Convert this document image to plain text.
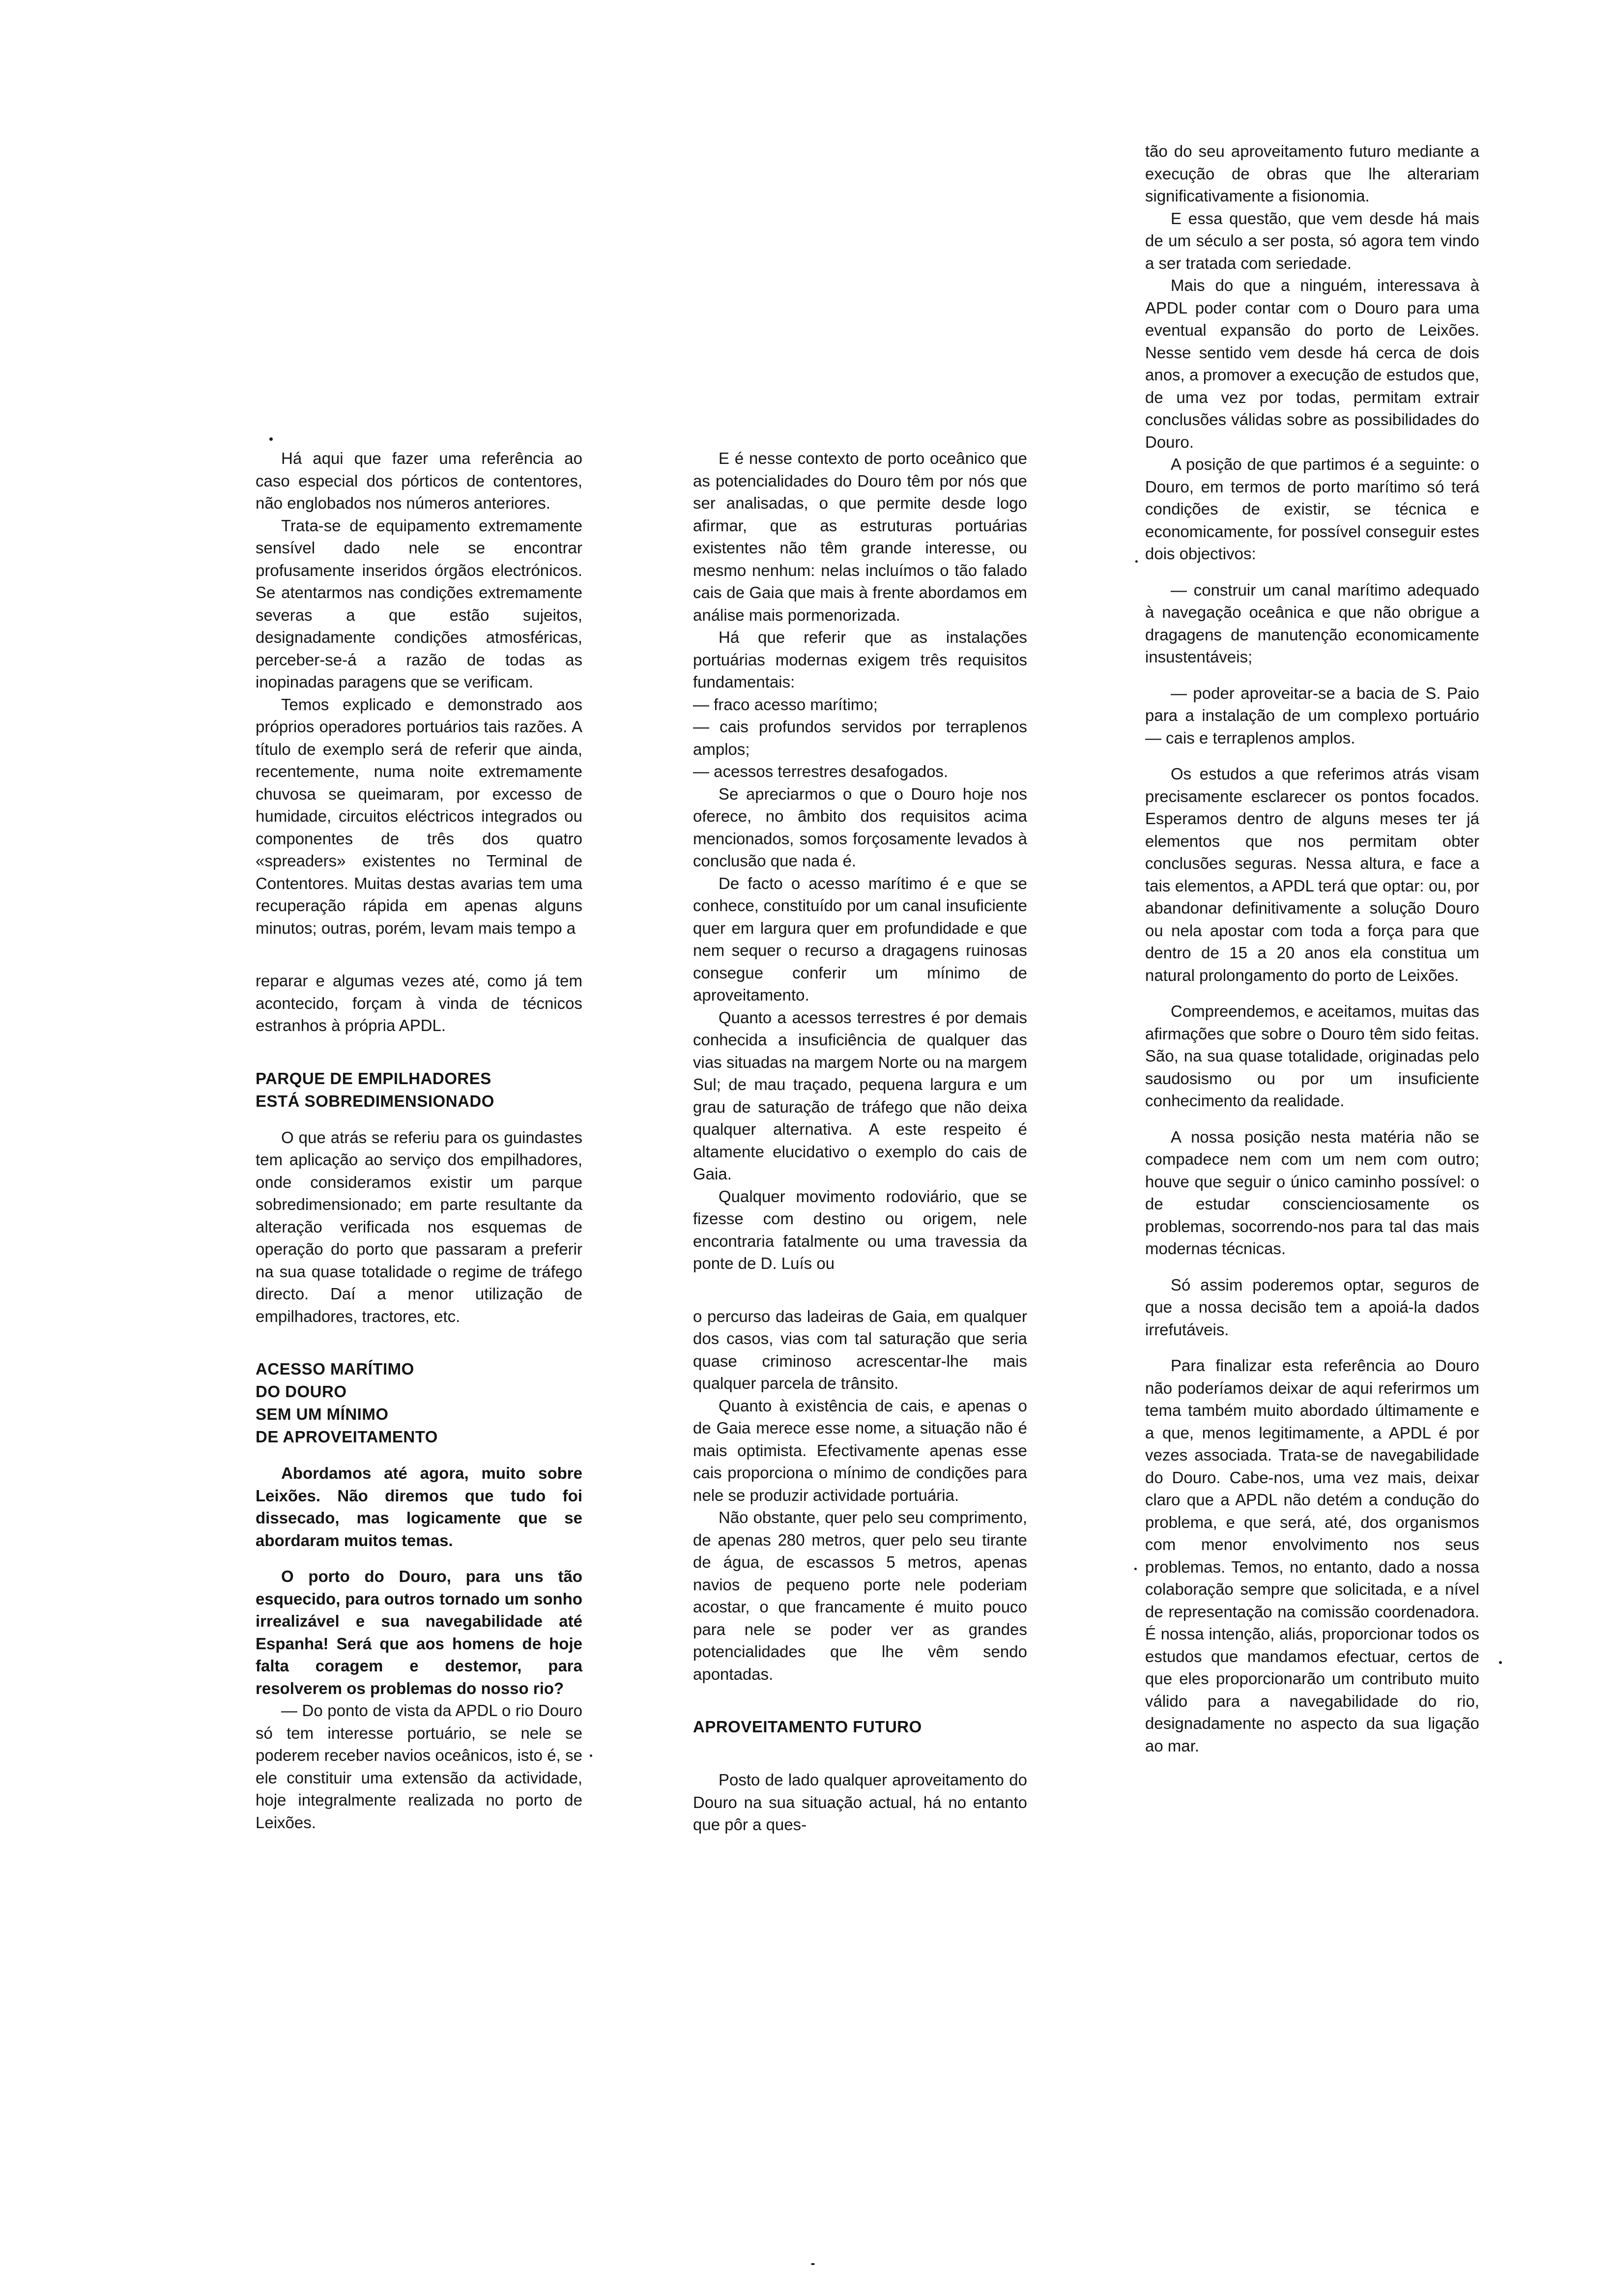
Há aqui que fazer uma referência ao caso especial dos pórticos de contentores, não englobados nos números anteriores.

Trata-se de equipamento extremamente sensível dado nele se encontrar profusamente inseridos órgãos electrónicos. Se atentarmos nas condições extremamente severas a que estão sujeitos, designadamente condições atmosféricas, perceber-se-á a razão de todas as inopinadas paragens que se verificam.

Temos explicado e demonstrado aos próprios operadores portuários tais razões. A título de exemplo será de referir que ainda, recentemente, numa noite extremamente chuvosa se queimaram, por excesso de humidade, circuitos eléctricos integrados ou componentes de três dos quatro «spreaders» existentes no Terminal de Contentores. Muitas destas avarias tem uma recuperação rápida em apenas alguns minutos; outras, porém, levam mais tempo a

reparar e algumas vezes até, como já tem acontecido, forçam à vinda de técnicos estranhos à própria APDL.

PARQUE DE EMPILHADORES
ESTÁ SOBREDIMENSIONADO

O que atrás se referiu para os guindastes tem aplicação ao serviço dos empilhadores, onde consideramos existir um parque sobredimensionado; em parte resultante da alteração verificada nos esquemas de operação do porto que passaram a preferir na sua quase totalidade o regime de tráfego directo. Daí a menor utilização de empilhadores, tractores, etc.

ACESSO MARÍTIMO
DO DOURO
SEM UM MÍNIMO
DE APROVEITAMENTO

Abordamos até agora, muito sobre Leixões. Não diremos que tudo foi dissecado, mas logicamente que se abordaram muitos temas.

O porto do Douro, para uns tão esquecido, para outros tornado um sonho irrealizável e sua navegabilidade até Espanha! Será que aos homens de hoje falta coragem e destemor, para resolverem os problemas do nosso rio?

— Do ponto de vista da APDL o rio Douro só tem interesse portuário, se nele se poderem receber navios oceânicos, isto é, se ele constituir uma extensão da actividade, hoje integralmente realizada no porto de Leixões.

E é nesse contexto de porto oceânico que as potencialidades do Douro têm por nós que ser analisadas, o que permite desde logo afirmar, que as estruturas portuárias existentes não têm grande interesse, ou mesmo nenhum: nelas incluímos o tão falado cais de Gaia que mais à frente abordamos em análise mais pormenorizada.

Há que referir que as instalações portuárias modernas exigem três requisitos fundamentais:

— fraco acesso marítimo;

— cais profundos servidos por terraplenos amplos;

— acessos terrestres desafogados.

Se apreciarmos o que o Douro hoje nos oferece, no âmbito dos requisitos acima mencionados, somos forçosamente levados à conclusão que nada é.

De facto o acesso marítimo é e que se conhece, constituído por um canal insuficiente quer em largura quer em profundidade e que nem sequer o recurso a dragagens ruinosas consegue conferir um mínimo de aproveitamento.

Quanto a acessos terrestres é por demais conhecida a insuficiência de qualquer das vias situadas na margem Norte ou na margem Sul; de mau traçado, pequena largura e um grau de saturação de tráfego que não deixa qualquer alternativa. A este respeito é altamente elucidativo o exemplo do cais de Gaia.

Qualquer movimento rodoviário, que se fizesse com destino ou origem, nele encontraria fatalmente ou uma travessia da ponte de D. Luís ou

o percurso das ladeiras de Gaia, em qualquer dos casos, vias com tal saturação que seria quase criminoso acrescentar-lhe mais qualquer parcela de trânsito.

Quanto à existência de cais, e apenas o de Gaia merece esse nome, a situação não é mais optimista. Efectivamente apenas esse cais proporciona o mínimo de condições para nele se produzir actividade portuária.

Não obstante, quer pelo seu comprimento, de apenas 280 metros, quer pelo seu tirante de água, de escassos 5 metros, apenas navios de pequeno porte nele poderiam acostar, o que francamente é muito pouco para nele se poder ver as grandes potencialidades que lhe vêm sendo apontadas.

APROVEITAMENTO FUTURO

Posto de lado qualquer aproveitamento do Douro na sua situação actual, há no entanto que pôr a ques-

tão do seu aproveitamento futuro mediante a execução de obras que lhe alterariam significativamente a fisionomia.

E essa questão, que vem desde há mais de um século a ser posta, só agora tem vindo a ser tratada com seriedade.

Mais do que a ninguém, interessava à APDL poder contar com o Douro para uma eventual expansão do porto de Leixões. Nesse sentido vem desde há cerca de dois anos, a promover a execução de estudos que, de uma vez por todas, permitam extrair conclusões válidas sobre as possibilidades do Douro.

A posição de que partimos é a seguinte: o Douro, em termos de porto marítimo só terá condições de existir, se técnica e economicamente, for possível conseguir estes dois objectivos:

— construir um canal marítimo adequado à navegação oceânica e que não obrigue a dragagens de manutenção economicamente insustentáveis;

— poder aproveitar-se a bacia de S. Paio para a instalação de um complexo portuário — cais e terraplenos amplos.

Os estudos a que referimos atrás visam precisamente esclarecer os pontos focados. Esperamos dentro de alguns meses ter já elementos que nos permitam obter conclusões seguras. Nessa altura, e face a tais elementos, a APDL terá que optar: ou, por abandonar definitivamente a solução Douro ou nela apostar com toda a força para que dentro de 15 a 20 anos ela constitua um natural prolongamento do porto de Leixões.

Compreendemos, e aceitamos, muitas das afirmações que sobre o Douro têm sido feitas. São, na sua quase totalidade, originadas pelo saudosismo ou por um insuficiente conhecimento da realidade.

A nossa posição nesta matéria não se compadece nem com um nem com outro; houve que seguir o único caminho possível: o de estudar conscienciosamente os problemas, socorrendo-nos para tal das mais modernas técnicas.

Só assim poderemos optar, seguros de que a nossa decisão tem a apoiá-la dados irrefutáveis.

Para finalizar esta referência ao Douro não poderíamos deixar de aqui referirmos um tema também muito abordado últimamente e a que, menos legitimamente, a APDL é por vezes associada. Trata-se de navegabilidade do Douro. Cabe-nos, uma vez mais, deixar claro que a APDL não detém a condução do problema, e que será, até, dos organismos com menor envolvimento nos seus problemas. Temos, no entanto, dado a nossa colaboração sempre que solicitada, e a nível de representação na comissão coordenadora. É nossa intenção, aliás, proporcionar todos os estudos que mandamos efectuar, certos de que eles proporcionarão um contributo muito válido para a navegabilidade do rio, designadamente no aspecto da sua ligação ao mar.
